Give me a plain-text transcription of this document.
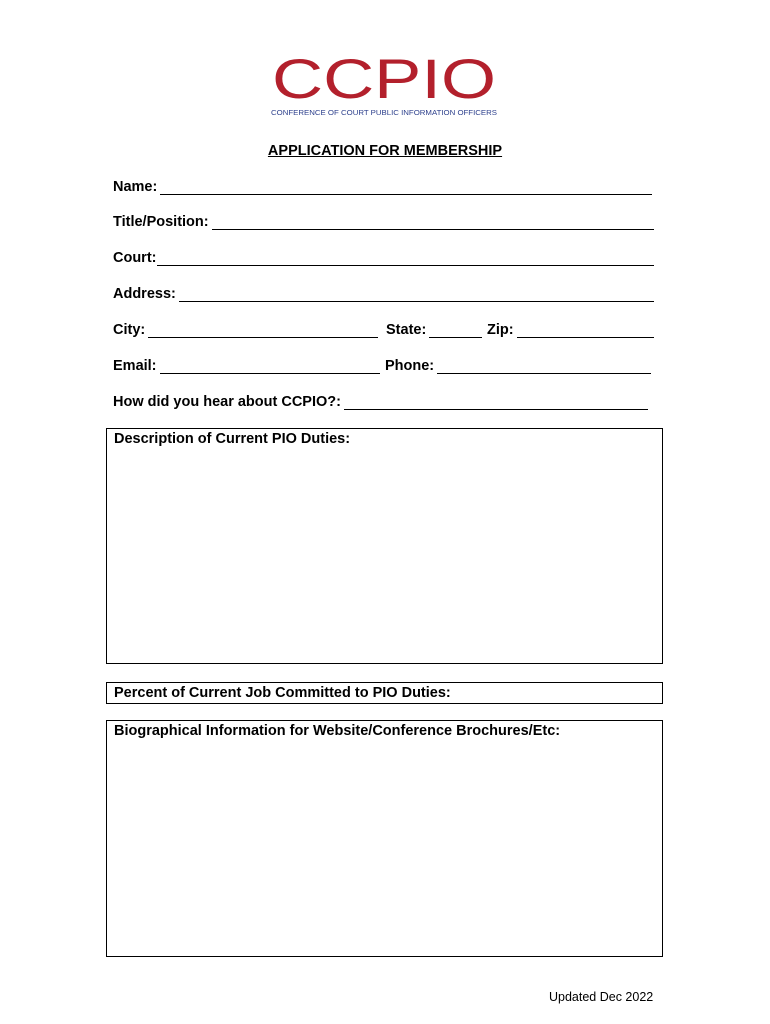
CCPIO
CONFERENCE OF COURT PUBLIC INFORMATION OFFICERS
APPLICATION FOR MEMBERSHIP
Name:
Title/Position:
Court:
Address:
City:	State:	Zip:
Email:	Phone:
How did you hear about CCPIO?:
Description of Current PIO Duties:
Percent of Current Job Committed to PIO Duties:
Biographical Information for Website/Conference Brochures/Etc:
Updated Dec 2022
